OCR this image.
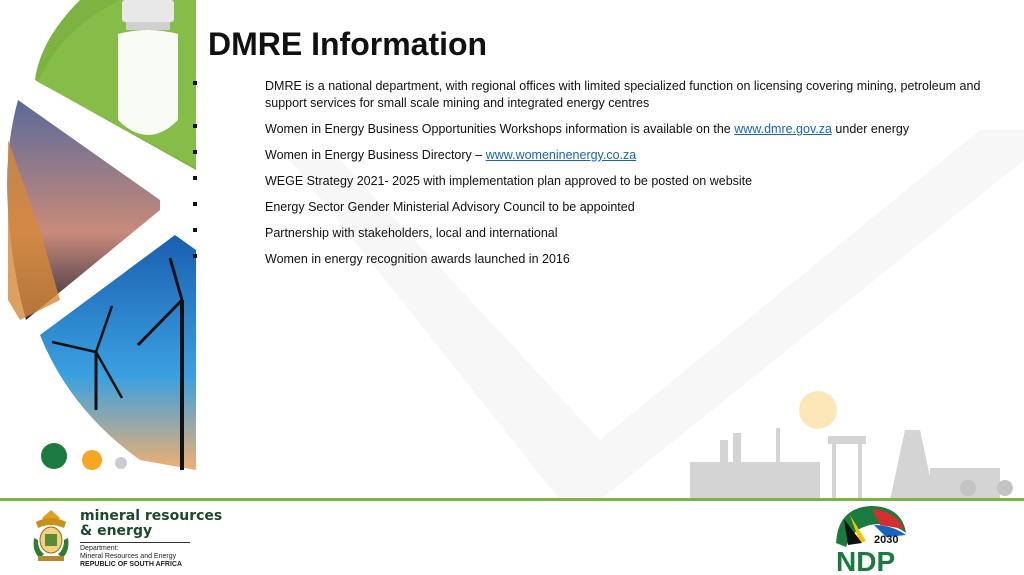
DMRE Information
DMRE is a national department, with regional offices with limited specialized function on licensing covering mining, petroleum and support services for small scale mining and integrated energy centres
Women in Energy Business Opportunities Workshops information is available on the www.dmre.gov.za under energy
Women in Energy Business Directory – www.womeninenergy.co.za
WEGE Strategy 2021- 2025 with implementation plan approved to be posted on website
Energy Sector Gender Ministerial Advisory Council to be appointed
Partnership with stakeholders, local and international
Women in energy recognition awards launched in 2016
mineral resources
& energy
Department:
Mineral Resources and Energy
REPUBLIC OF SOUTH AFRICA
2030
NDP
